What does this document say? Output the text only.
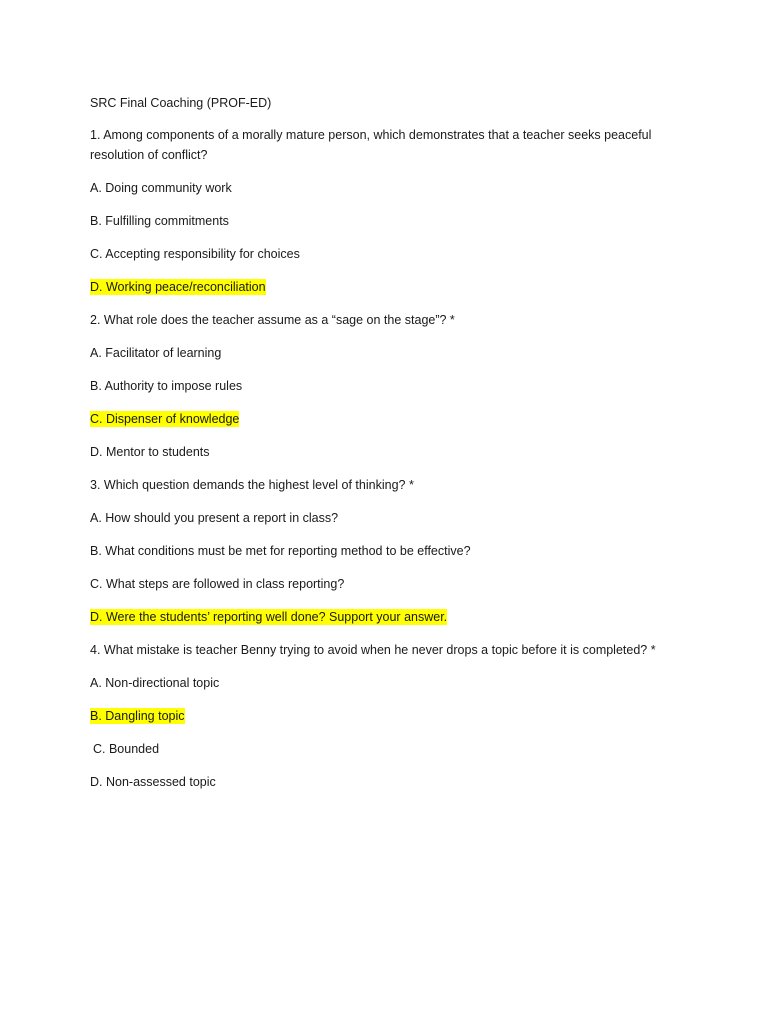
SRC Final Coaching (PROF-ED)
1. Among components of a morally mature person, which demonstrates that a teacher seeks peaceful resolution of conflict?
A. Doing community work
B. Fulfilling commitments
C. Accepting responsibility for choices
D. Working peace/reconciliation
2. What role does the teacher assume as a “sage on the stage”? *
A. Facilitator of learning
B. Authority to impose rules
C. Dispenser of knowledge
D. Mentor to students
3. Which question demands the highest level of thinking? *
A. How should you present a report in class?
B. What conditions must be met for reporting method to be effective?
C. What steps are followed in class reporting?
D. Were the students’ reporting well done? Support your answer.
4. What mistake is teacher Benny trying to avoid when he never drops a topic before it is completed? *
A. Non-directional topic
B. Dangling topic
C. Bounded
D. Non-assessed topic
